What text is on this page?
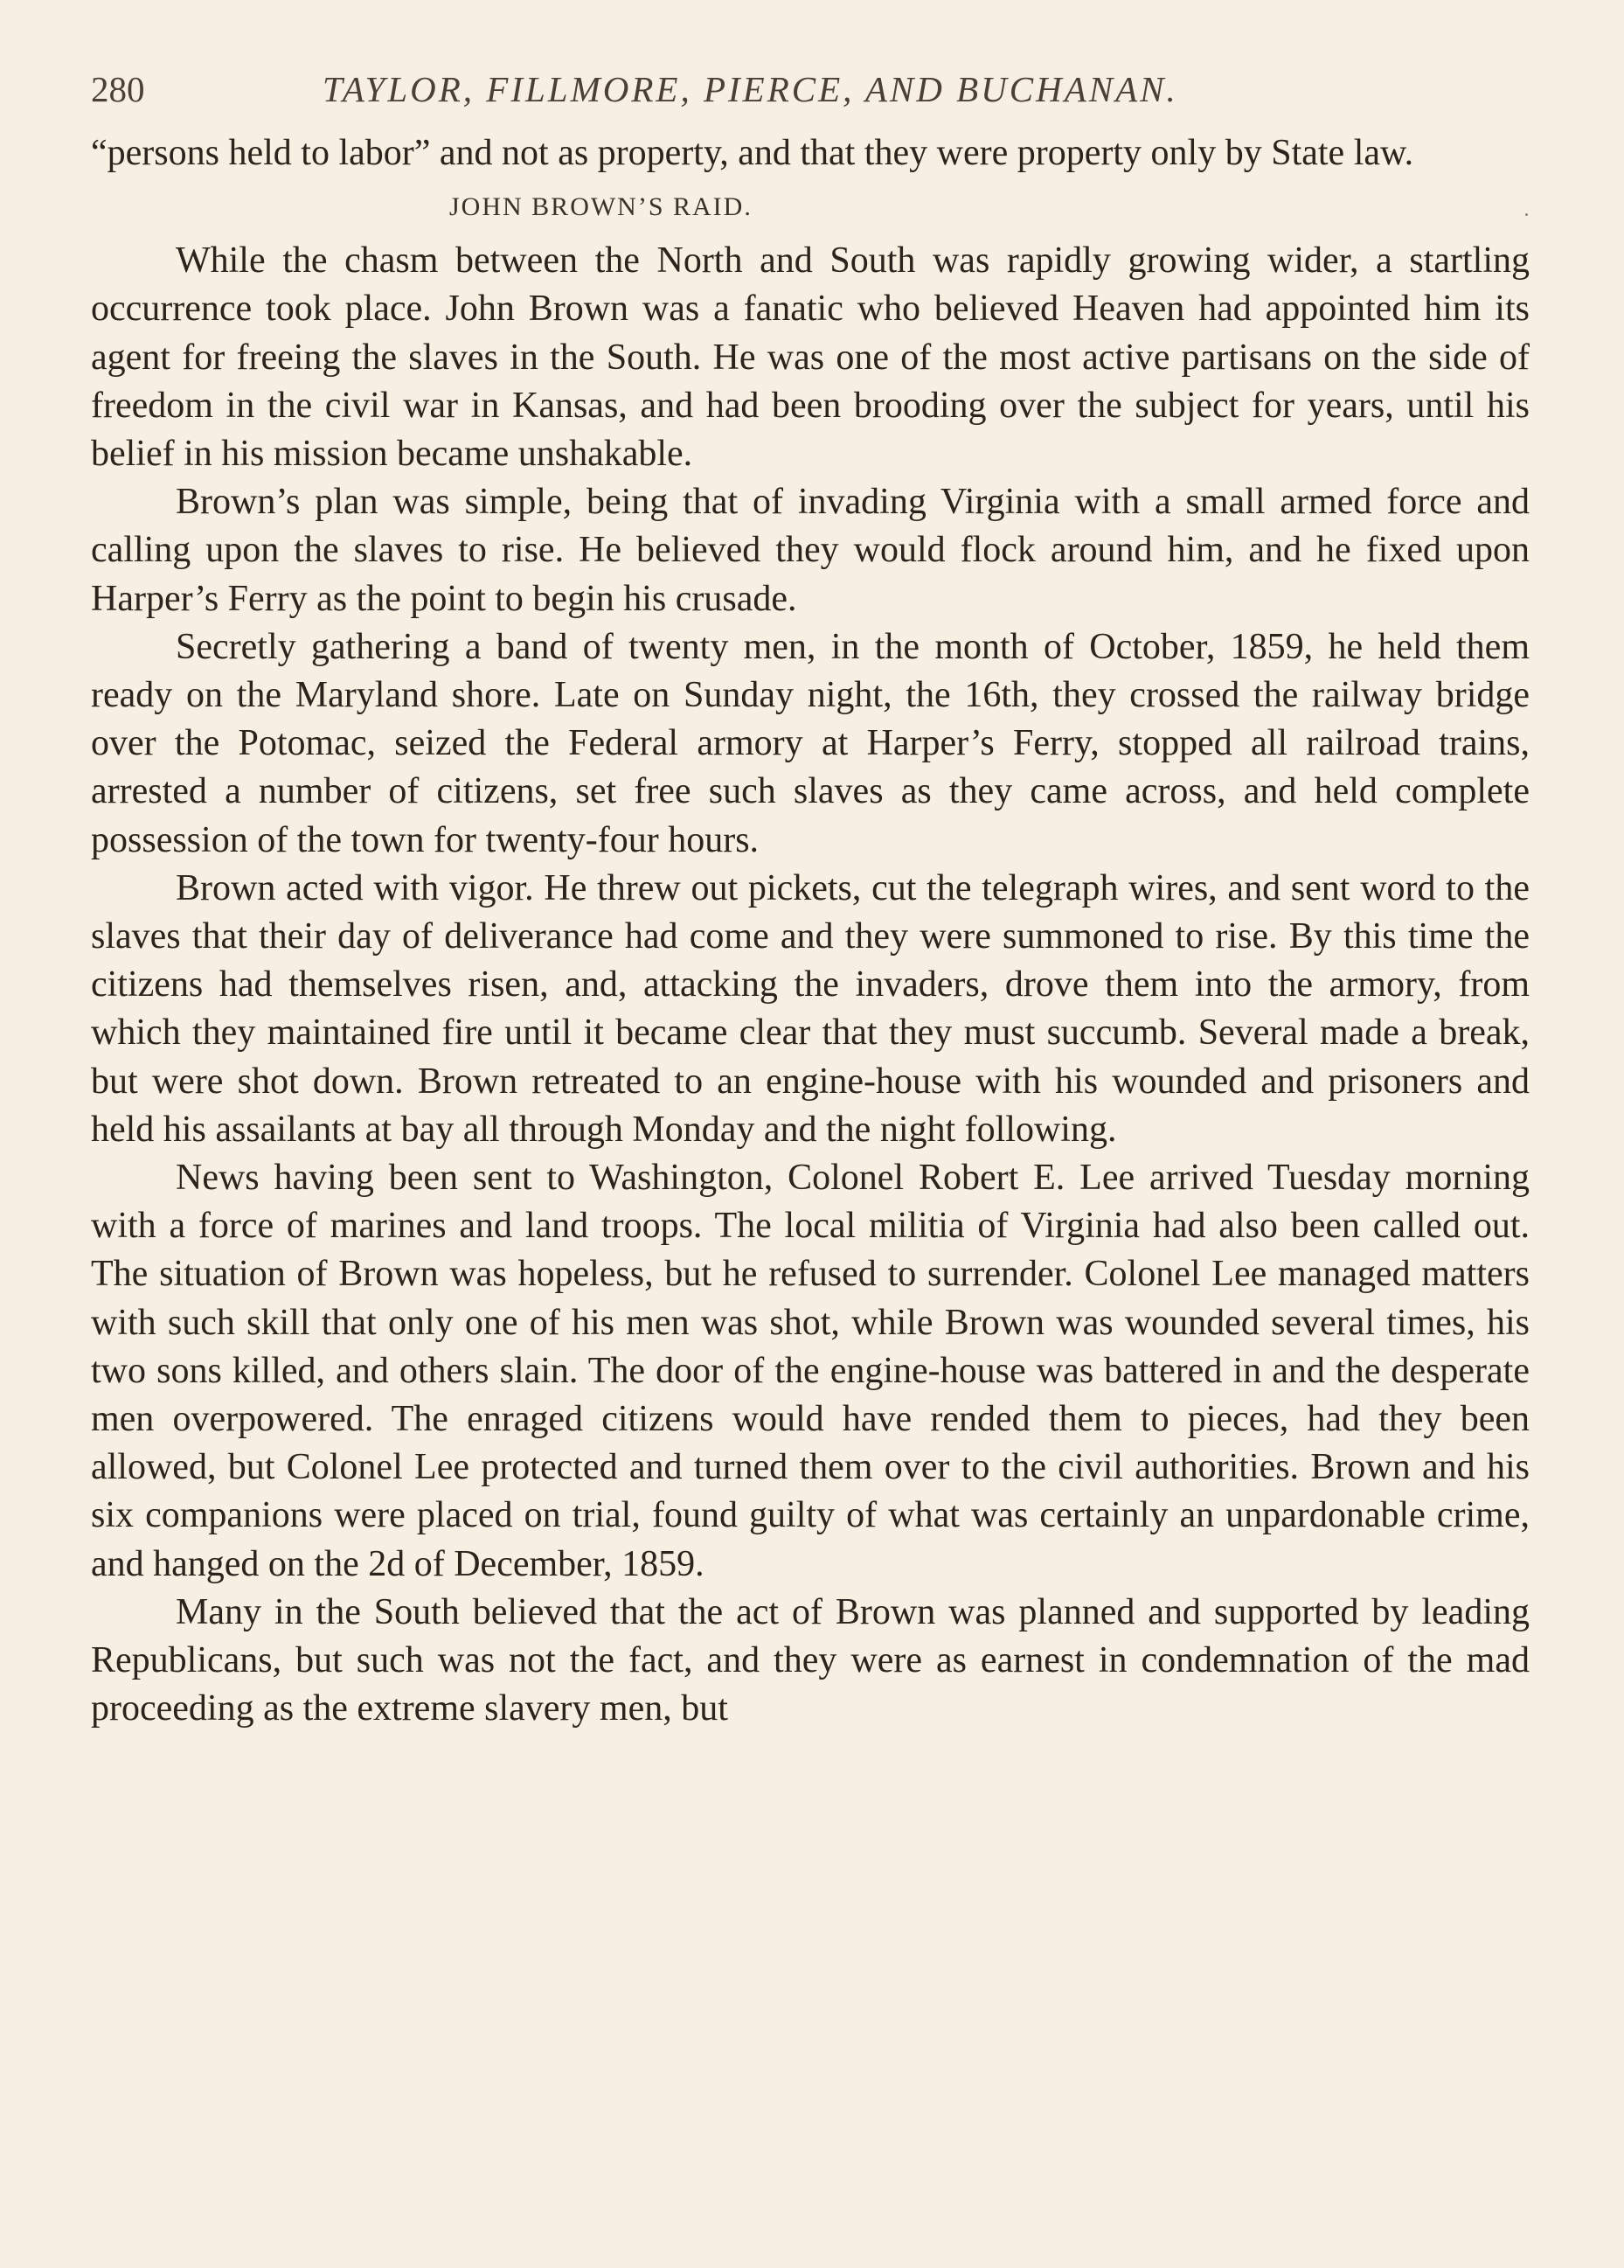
280	TAYLOR, FILLMORE, PIERCE, AND BUCHANAN.

“persons held to labor” and not as property, and that they were property only by State law.

JOHN BROWN’S RAID.

While the chasm between the North and South was rapidly growing wider, a startling occurrence took place. John Brown was a fanatic who believed Heaven had appointed him its agent for freeing the slaves in the South. He was one of the most active partisans on the side of freedom in the civil war in Kansas, and had been brooding over the subject for years, until his belief in his mission became unshakable.

Brown’s plan was simple, being that of invading Virginia with a small armed force and calling upon the slaves to rise. He believed they would flock around him, and he fixed upon Harper’s Ferry as the point to begin his crusade.

Secretly gathering a band of twenty men, in the month of October, 1859, he held them ready on the Maryland shore. Late on Sunday night, the 16th, they crossed the railway bridge over the Potomac, seized the Federal armory at Harper’s Ferry, stopped all railroad trains, arrested a number of citizens, set free such slaves as they came across, and held complete possession of the town for twenty-four hours.

Brown acted with vigor. He threw out pickets, cut the telegraph wires, and sent word to the slaves that their day of deliverance had come and they were summoned to rise. By this time the citizens had themselves risen, and, attacking the invaders, drove them into the armory, from which they maintained fire until it became clear that they must succumb. Several made a break, but were shot down. Brown retreated to an engine-house with his wounded and prisoners and held his assailants at bay all through Monday and the night following.

News having been sent to Washington, Colonel Robert E. Lee arrived Tuesday morning with a force of marines and land troops. The local militia of Virginia had also been called out. The situation of Brown was hopeless, but he refused to surrender. Colonel Lee managed matters with such skill that only one of his men was shot, while Brown was wounded several times, his two sons killed, and others slain. The door of the engine-house was battered in and the desperate men overpowered. The enraged citizens would have rended them to pieces, had they been allowed, but Colonel Lee protected and turned them over to the civil authorities. Brown and his six companions were placed on trial, found guilty of what was certainly an unpardonable crime, and hanged on the 2d of December, 1859.

Many in the South believed that the act of Brown was planned and supported by leading Republicans, but such was not the fact, and they were as earnest in condemnation of the mad proceeding as the extreme slavery men, but
